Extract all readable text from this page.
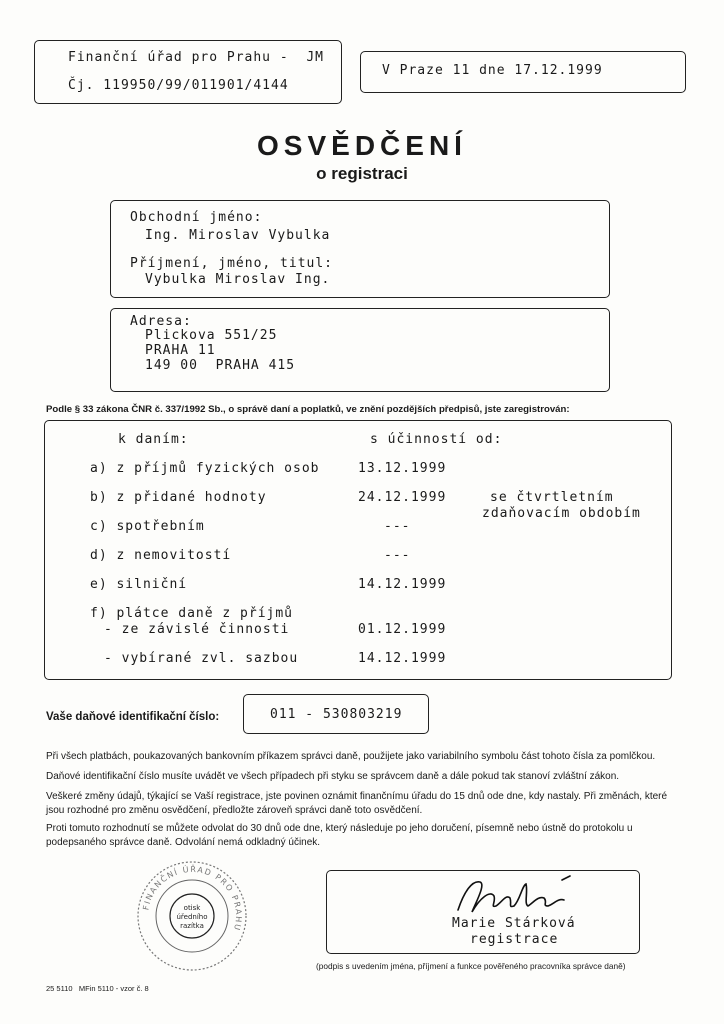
Finanční úřad pro Prahu - JM
Čj. 119950/99/011901/4144
V Praze 11 dne 17.12.1999
OSVĚDČENÍ
o registraci
Obchodní jméno:
Ing. Miroslav Vybulka
Příjmení, jméno, titul:
Vybulka Miroslav Ing.
Adresa:
Plickova 551/25
PRAHA 11
149 00 PRAHA 415
Podle § 33 zákona ČNR č. 337/1992 Sb., o správě daní a poplatků, ve znění pozdějších předpisů, jste zaregistrován:
k daním:	s účinností od:
a) z příjmů fyzických osob	13.12.1999
b) z přidané hodnoty	24.12.1999	se čtvrtletním
zdaňovacím obdobím
c) spotřebním	---
d) z nemovitostí	---
e) silniční	14.12.1999
f) plátce daně z příjmů
- ze závislé činnosti	01.12.1999
- vybírané zvl. sazbou	14.12.1999
Vaše daňové identifikační číslo:	011 - 530803219
Při všech platbách, poukazovaných bankovním příkazem správci daně, použijete jako variabilního symbolu část tohoto čísla za pomlčkou.
Daňové identifikační číslo musíte uvádět ve všech případech při styku se správcem daně a dále pokud tak stanoví zvláštní zákon.
Veškeré změny údajů, týkající se Vaší registrace, jste povinen oznámit finančnímu úřadu do 15 dnů ode dne, kdy nastaly. Při změnách, které jsou rozhodné pro změnu osvědčení, předložte zároveň správci daně toto osvědčení.
Proti tomuto rozhodnutí se můžete odvolat do 30 dnů ode dne, který následuje po jeho doručení, písemně nebo ústně do protokolu u podepsaného správce daně. Odvolání nemá odkladný účinek.
FINANČNÍ ÚŘAD PRO PRAHU
otisk
úředního
razítka	Marie Stárková
registrace
(podpis s uvedením jména, příjmení a funkce pověřeného pracovníka správce daně)
25 5110 MFin 5110 - vzor č. 8
